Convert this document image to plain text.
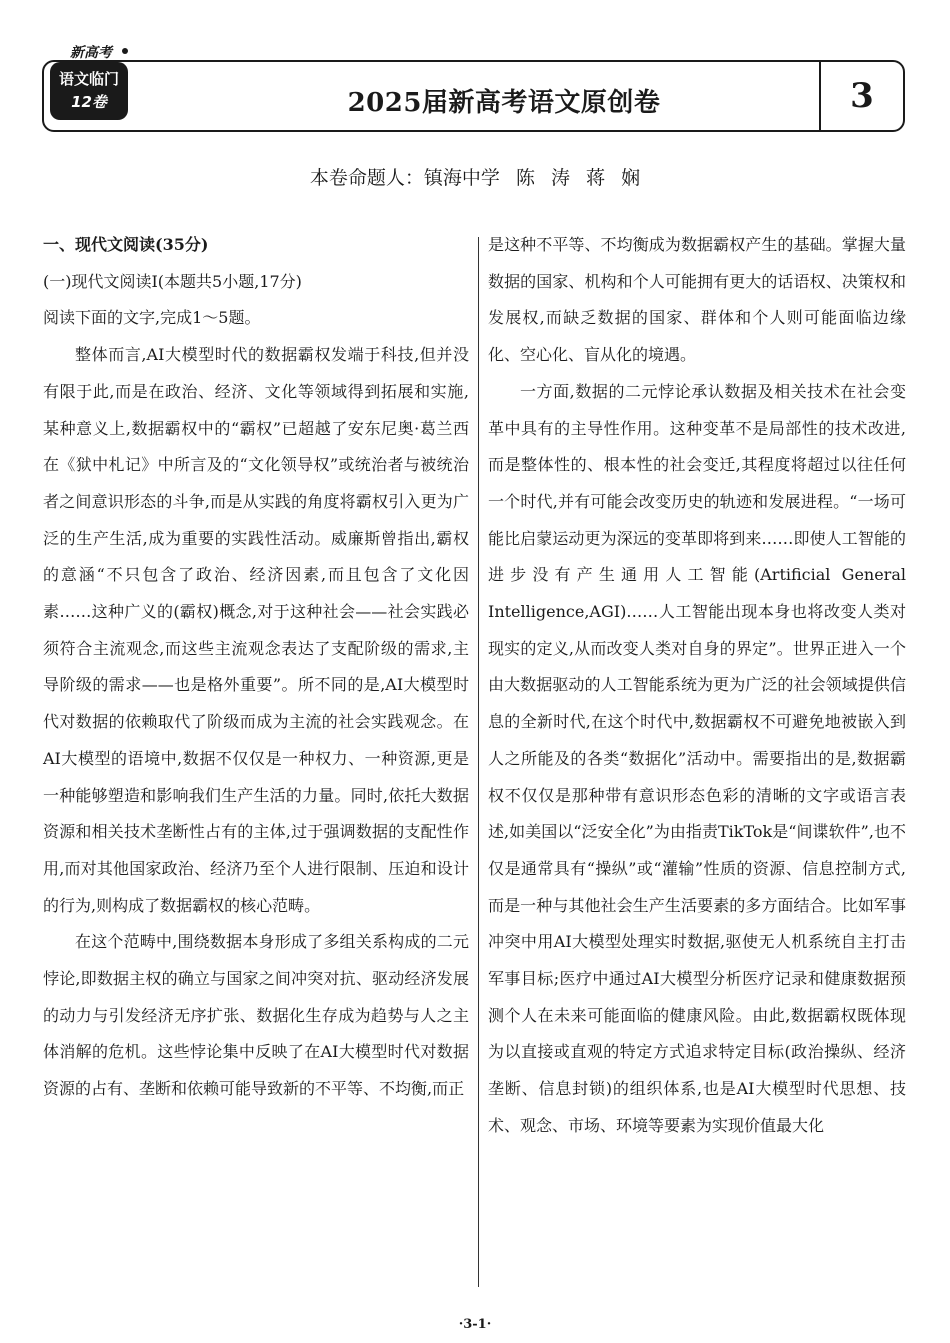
新高考
语文临门
12卷	2025届新高考语文原创卷	3
本卷命题人：镇海中学 陈 涛 蒋 娴

一、现代文阅读(35分)

(一)现代文阅读Ⅰ(本题共5小题,17分)

阅读下面的文字,完成1～5题。

整体而言,AI大模型时代的数据霸权发端于科技,但并没有限于此,而是在政治、经济、文化等领域得到拓展和实施,某种意义上,数据霸权中的“霸权”已超越了安东尼奥·葛兰西在《狱中札记》中所言及的“文化领导权”或统治者与被统治者之间意识形态的斗争,而是从实践的角度将霸权引入更为广泛的生产生活,成为重要的实践性活动。威廉斯曾指出,霸权的意涵“不只包含了政治、经济因素,而且包含了文化因素……这种广义的(霸权)概念,对于这种社会——社会实践必须符合主流观念,而这些主流观念表达了支配阶级的需求,主导阶级的需求——也是格外重要”。所不同的是,AI大模型时代对数据的依赖取代了阶级而成为主流的社会实践观念。在AI大模型的语境中,数据不仅仅是一种权力、一种资源,更是一种能够塑造和影响我们生产生活的力量。同时,依托大数据资源和相关技术垄断性占有的主体,过于强调数据的支配性作用,而对其他国家政治、经济乃至个人进行限制、压迫和设计的行为,则构成了数据霸权的核心范畴。

在这个范畴中,围绕数据本身形成了多组关系构成的二元悖论,即数据主权的确立与国家之间冲突对抗、驱动经济发展的动力与引发经济无序扩张、数据化生存成为趋势与人之主体消解的危机。这些悖论集中反映了在AI大模型时代对数据资源的占有、垄断和依赖可能导致新的不平等、不均衡,而正

是这种不平等、不均衡成为数据霸权产生的基础。掌握大量数据的国家、机构和个人可能拥有更大的话语权、决策权和发展权,而缺乏数据的国家、群体和个人则可能面临边缘化、空心化、盲从化的境遇。

一方面,数据的二元悖论承认数据及相关技术在社会变革中具有的主导性作用。这种变革不是局部性的技术改进,而是整体性的、根本性的社会变迁,其程度将超过以往任何一个时代,并有可能会改变历史的轨迹和发展进程。“一场可能比启蒙运动更为深远的变革即将到来……即使人工智能的进步没有产生通用人工智能(Artificial General Intelligence,AGI)……人工智能出现本身也将改变人类对现实的定义,从而改变人类对自身的界定”。世界正进入一个由大数据驱动的人工智能系统为更为广泛的社会领域提供信息的全新时代,在这个时代中,数据霸权不可避免地被嵌入到人之所能及的各类“数据化”活动中。需要指出的是,数据霸权不仅仅是那种带有意识形态色彩的清晰的文字或语言表述,如美国以“泛安全化”为由指责TikTok是“间谍软件”,也不仅是通常具有“操纵”或“灌输”性质的资源、信息控制方式,而是一种与其他社会生产生活要素的多方面结合。比如军事冲突中用AI大模型处理实时数据,驱使无人机系统自主打击军事目标;医疗中通过AI大模型分析医疗记录和健康数据预测个人在未来可能面临的健康风险。由此,数据霸权既体现为以直接或直观的特定方式追求特定目标(政治操纵、经济垄断、信息封锁)的组织体系,也是AI大模型时代思想、技术、观念、市场、环境等要素为实现价值最大化

·3-1·
